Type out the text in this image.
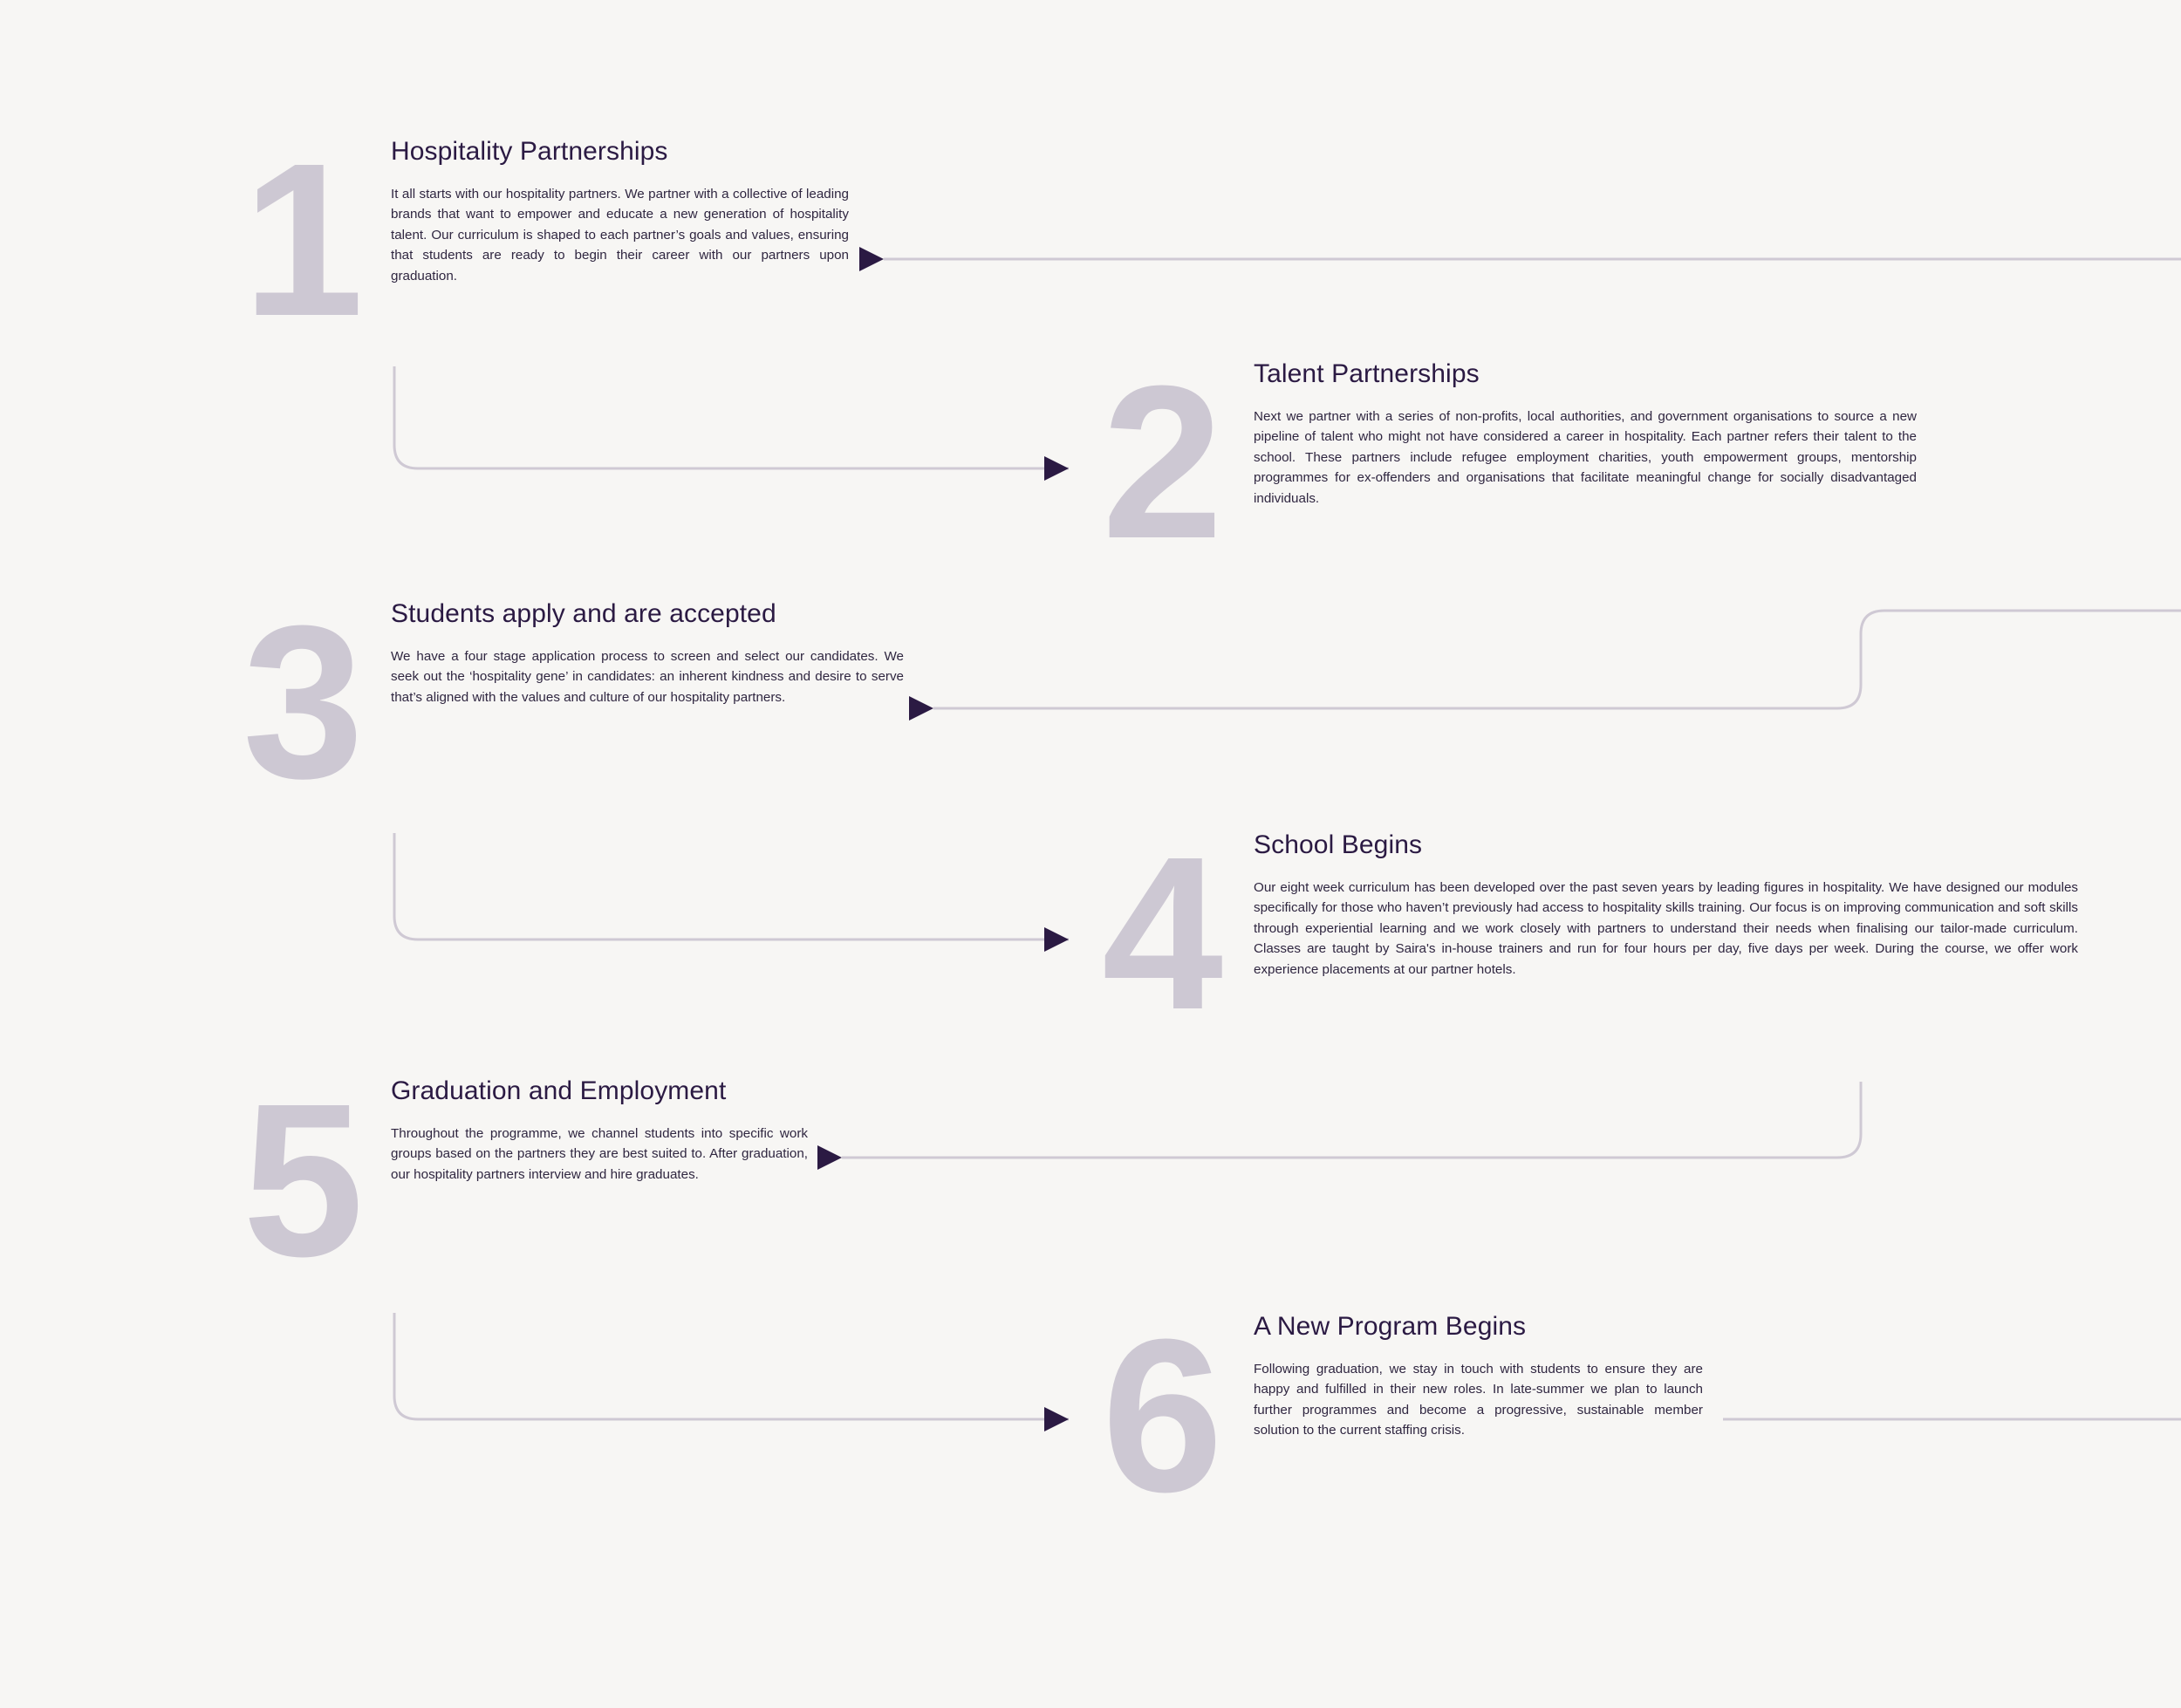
1	Hospitality Partnerships

It all starts with our hospitality partners. We partner with a collective of leading brands that want to empower and educate a new generation of hospitality talent. Our curriculum is shaped to each partner’s goals and values, ensuring that students are ready to begin their career with our partners upon graduation.

2	Talent Partnerships

Next we partner with a series of non-profits, local authorities, and government organisations to source a new pipeline of talent who might not have considered a career in hospitality. Each partner refers their talent to the school. These partners include refugee employment charities, youth empowerment groups, mentorship programmes for ex-offenders and organisations that facilitate meaningful change for socially disadvantaged individuals.

3	Students apply and are accepted

We have a four stage application process to screen and select our candidates. We seek out the ‘hospitality gene’ in candidates: an inherent kindness and desire to serve that’s aligned with the values and culture of our hospitality partners.

4	School Begins

Our eight week curriculum has been developed over the past seven years by leading figures in hospitality. We have designed our modules specifically for those who haven’t previously had access to hospitality skills training. Our focus is on improving communication and soft skills through experiential learning and we work closely with partners to understand their needs when finalising our tailor-made curriculum. Classes are taught by Saira's in-house trainers and run for four hours per day, five days per week. During the course, we offer work experience placements at our partner hotels.

5	Graduation and Employment

Throughout the programme, we channel students into specific work groups based on the partners they are best suited to. After graduation, our hospitality partners interview and hire graduates.

6	A New Program Begins

Following graduation, we stay in touch with students to ensure they are happy and fulfilled in their new roles. In late-summer we plan to launch further programmes and become a progressive, sustainable member solution to the current staffing crisis.
